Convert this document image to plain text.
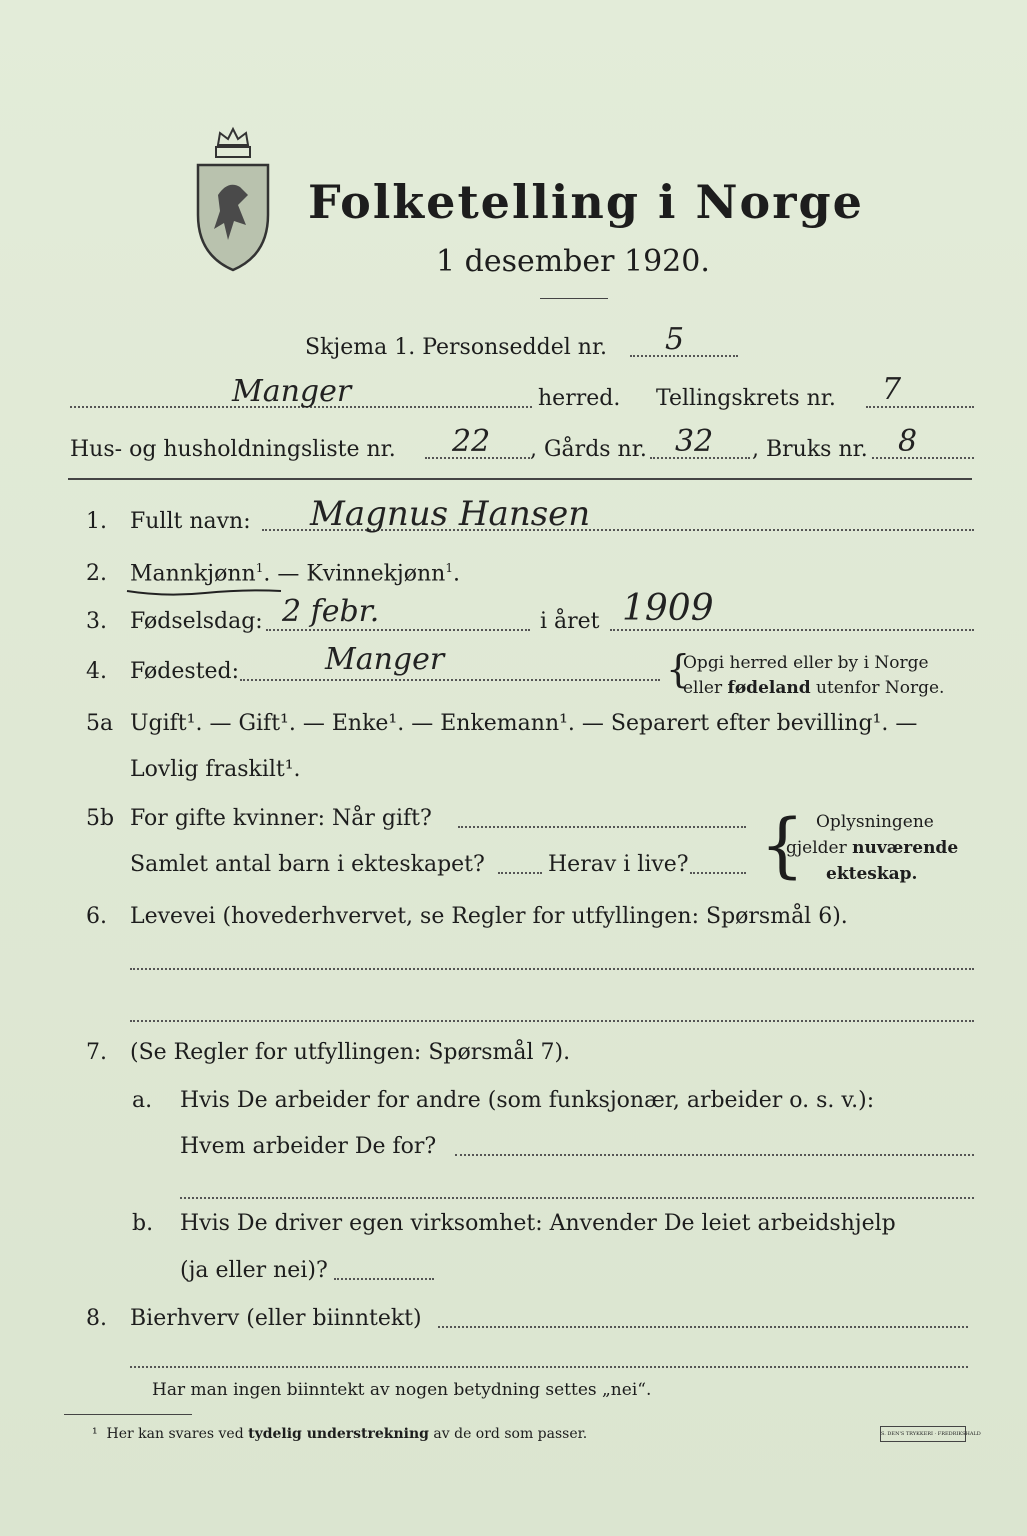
Folketelling i Norge
1 desember 1920.
Skjema 1. Personseddel nr. 5
Manger	herred. Tellingskrets nr. 7
Hus- og husholdningsliste nr. 22 , Gårds nr. 32 , Bruks nr. 8
1. Fullt navn: Magnus Hansen
2. Mannkjønn$^1$. — Kvinnekjønn$^1$.
3. Fødselsdag: 2 febr.	i året 1909
4. Fødested:	Manger	{
Opgi herred eller by i Norge
eller fødeland utenfor Norge.
5a Ugift¹. — Gift¹. — Enke¹. — Enkemann¹. — Separert efter bevilling¹. —
Lovlig fraskilt¹.
5b For gifte kvinner: Når gift?
Samlet antal barn i ekteskapet?	Herav i live? { Oplysningene
gjelder nuværende
ekteskap.
6. Levevei (hovederhvervet, se Regler for utfyllingen: Spørsmål 6).
7. (Se Regler for utfyllingen: Spørsmål 7).
a. Hvis De arbeider for andre (som funksjonær, arbeider o. s. v.):
Hvem arbeider De for?
b. Hvis De driver egen virksomhet: Anvender De leiet arbeidshjelp
(ja eller nei)?
8. Bierhverv (eller biinntekt)
Har man ingen biinntekt av nogen betydning settes „nei“.
¹ Her kan svares ved tydelig understrekning av de ord som passer.	S. DEN'S TRYKKERI · FREDRIKSHALD
